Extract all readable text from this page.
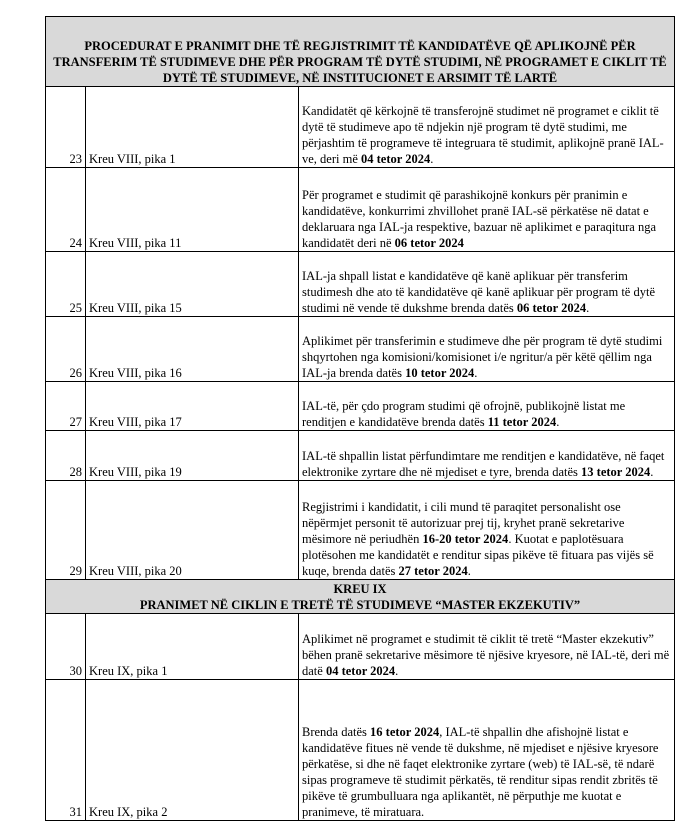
PROCEDURAT E PRANIMIT DHE TË REGJISTRIMIT TË KANDIDATËVE QË APLIKOJNË PËR TRANSFERIM TË STUDIMEVE DHE PËR PROGRAM TË DYTË STUDIMI, NË PROGRAMET E CIKLIT TË DYTË TË STUDIMEVE, NË INSTITUCIONET E ARSIMIT TË LARTË		
23	Kreu VIII, pika 1	Kandidatët që kërkojnë të transferojnë studimet në programet e ciklit të dytë të studimeve apo të ndjekin një program të dytë studimi, me përjashtim të programeve të integruara të studimit, aplikojnë pranë IAL-ve, deri më 04 tetor 2024.
24	Kreu VIII, pika 11	Për programet e studimit që parashikojnë konkurs për pranimin e kandidatëve, konkurrimi zhvillohet pranë IAL-së përkatëse në datat e deklaruara nga IAL-ja respektive, bazuar në aplikimet e paraqitura nga kandidatët deri në 06 tetor 2024
25	Kreu VIII, pika 15	IAL-ja shpall listat e kandidatëve që kanë aplikuar për transferim studimesh dhe ato të kandidatëve që kanë aplikuar për program të dytë studimi në vende të dukshme brenda datës 06 tetor 2024.
26	Kreu VIII, pika 16	Aplikimet për transferimin e studimeve dhe për program të dytë studimi shqyrtohen nga komisioni/komisionet i/e ngritur/a për këtë qëllim nga IAL-ja brenda datës 10 tetor 2024.
27	Kreu VIII, pika 17	IAL-të, për çdo program studimi që ofrojnë, publikojnë listat me renditjen e kandidatëve brenda datës 11 tetor 2024.
28	Kreu VIII, pika 19	IAL-të shpallin listat përfundimtare me renditjen e kandidatëve, në faqet elektronike zyrtare dhe në mjediset e tyre, brenda datës 13 tetor 2024.
29	Kreu VIII, pika 20	Regjistrimi i kandidatit, i cili mund të paraqitet personalisht ose nëpërmjet personit të autorizuar prej tij, kryhet pranë sekretarive mësimore në periudhën 16-20 tetor 2024. Kuotat e paplotësuara plotësohen me kandidatët e renditur sipas pikëve të fituara pas vijës së kuqe, brenda datës 27 tetor 2024.

KREU IX
PRANIMET NË CIKLIN E TRETË TË STUDIMEVE “MASTER EKZEKUTIV”		

30	Kreu IX, pika 1	Aplikimet në programet e studimit të ciklit të tretë “Master ekzekutiv” bëhen pranë sekretarive mësimore të njësive kryesore, në IAL-të, deri më datë 04 tetor 2024.
31	Kreu IX, pika 2	Brenda datës 16 tetor 2024, IAL-të shpallin dhe afishojnë listat e kandidatëve fitues në vende të dukshme, në mjediset e njësive kryesore përkatëse, si dhe në faqet elektronike zyrtare (web) të IAL-së, të ndarë sipas programeve të studimit përkatës, të renditur sipas rendit zbritës të pikëve të grumbulluara nga aplikantët, në përputhje me kuotat e pranimeve, të miratuara.
